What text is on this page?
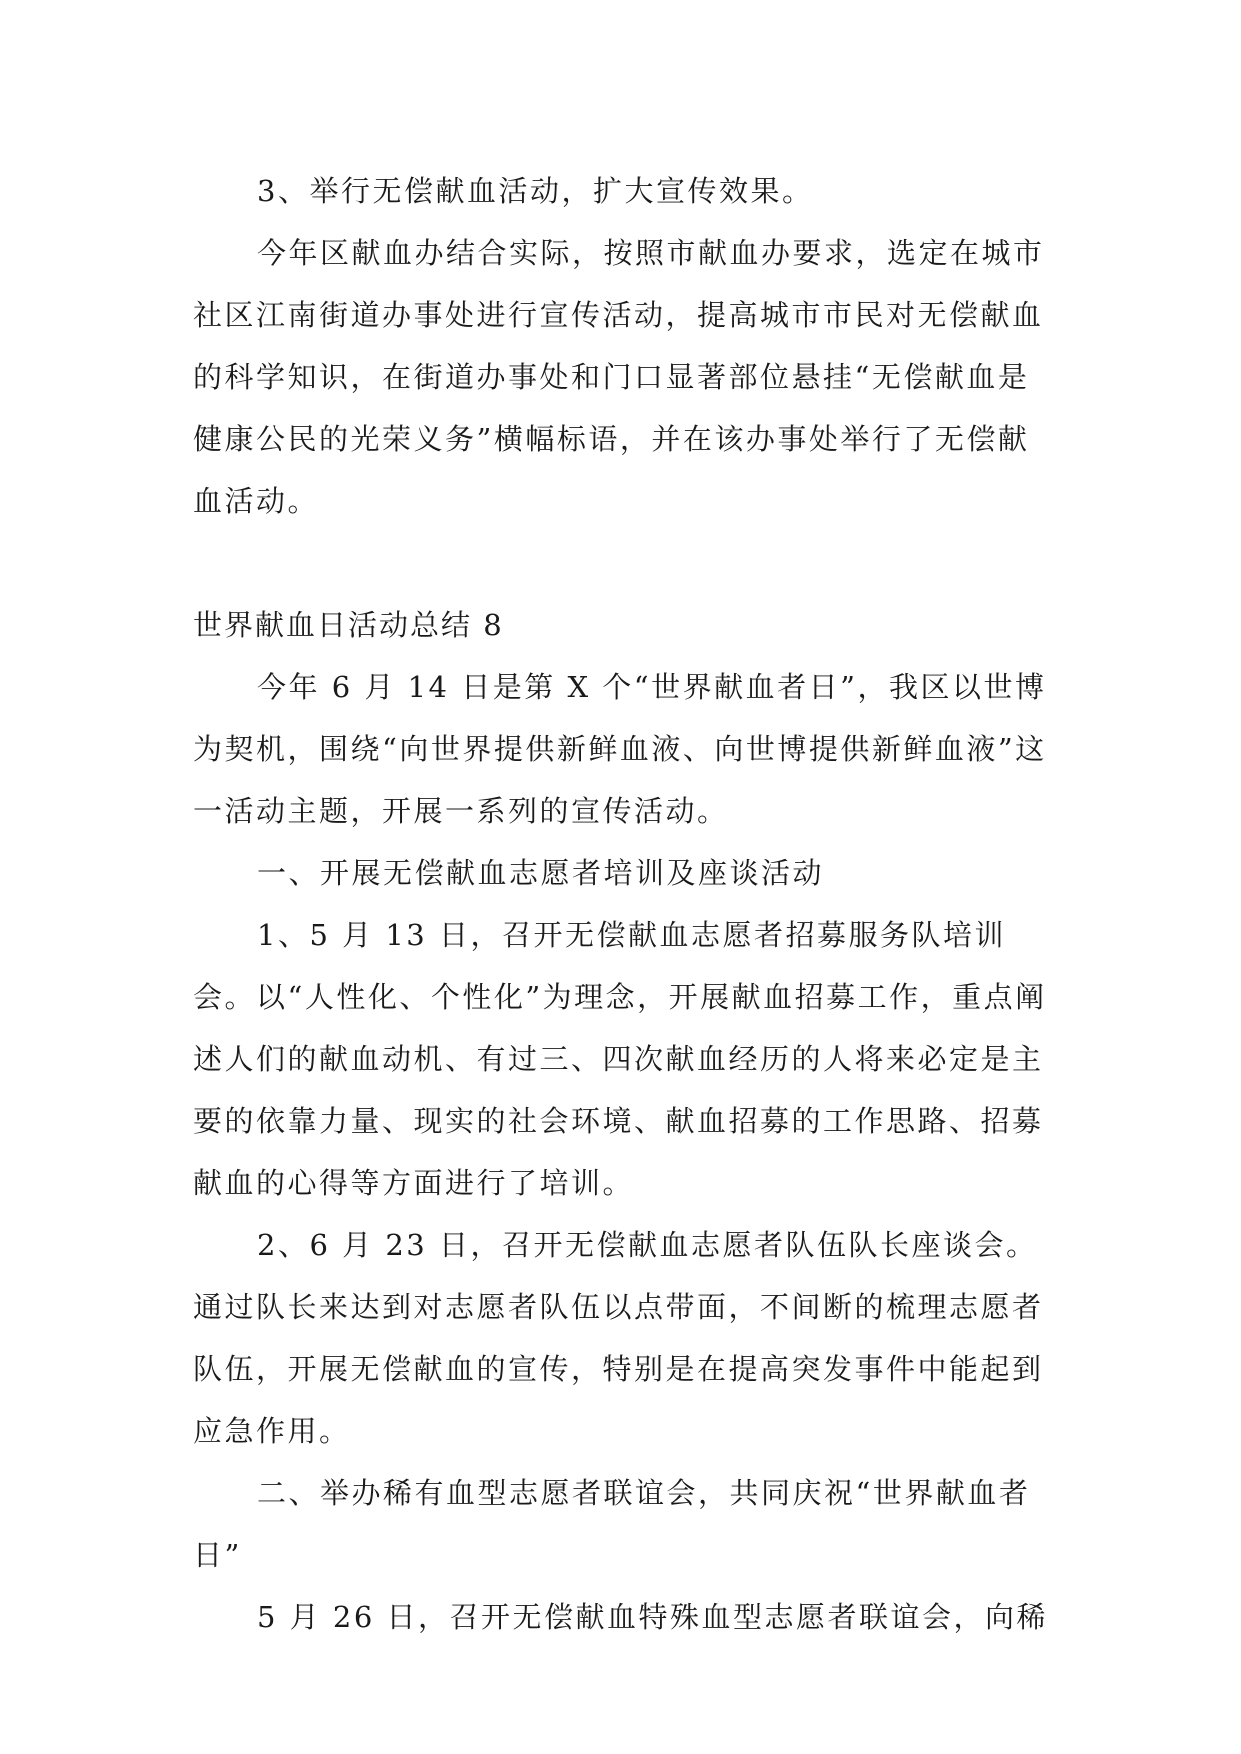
3、举行无偿献血活动，扩大宣传效果。

今年区献血办结合实际，按照市献血办要求，选定在城市社区江南街道办事处进行宣传活动，提高城市市民对无偿献血的科学知识，在街道办事处和门口显著部位悬挂“无偿献血是健康公民的光荣义务”横幅标语，并在该办事处举行了无偿献血活动。

世界献血日活动总结 8

今年 6 月 14 日是第 X 个“世界献血者日”，我区以世博为契机，围绕“向世界提供新鲜血液、向世博提供新鲜血液”这一活动主题，开展一系列的宣传活动。

一、开展无偿献血志愿者培训及座谈活动

1、5 月 13 日，召开无偿献血志愿者招募服务队培训会。以“人性化、个性化”为理念，开展献血招募工作，重点阐述人们的献血动机、有过三、四次献血经历的人将来必定是主要的依靠力量、现实的社会环境、献血招募的工作思路、招募献血的心得等方面进行了培训。

2、6 月 23 日，召开无偿献血志愿者队伍队长座谈会。通过队长来达到对志愿者队伍以点带面，不间断的梳理志愿者队伍，开展无偿献血的宣传，特别是在提高突发事件中能起到应急作用。

二、举办稀有血型志愿者联谊会，共同庆祝“世界献血者日”

5 月 26 日，召开无偿献血特殊血型志愿者联谊会，向稀
